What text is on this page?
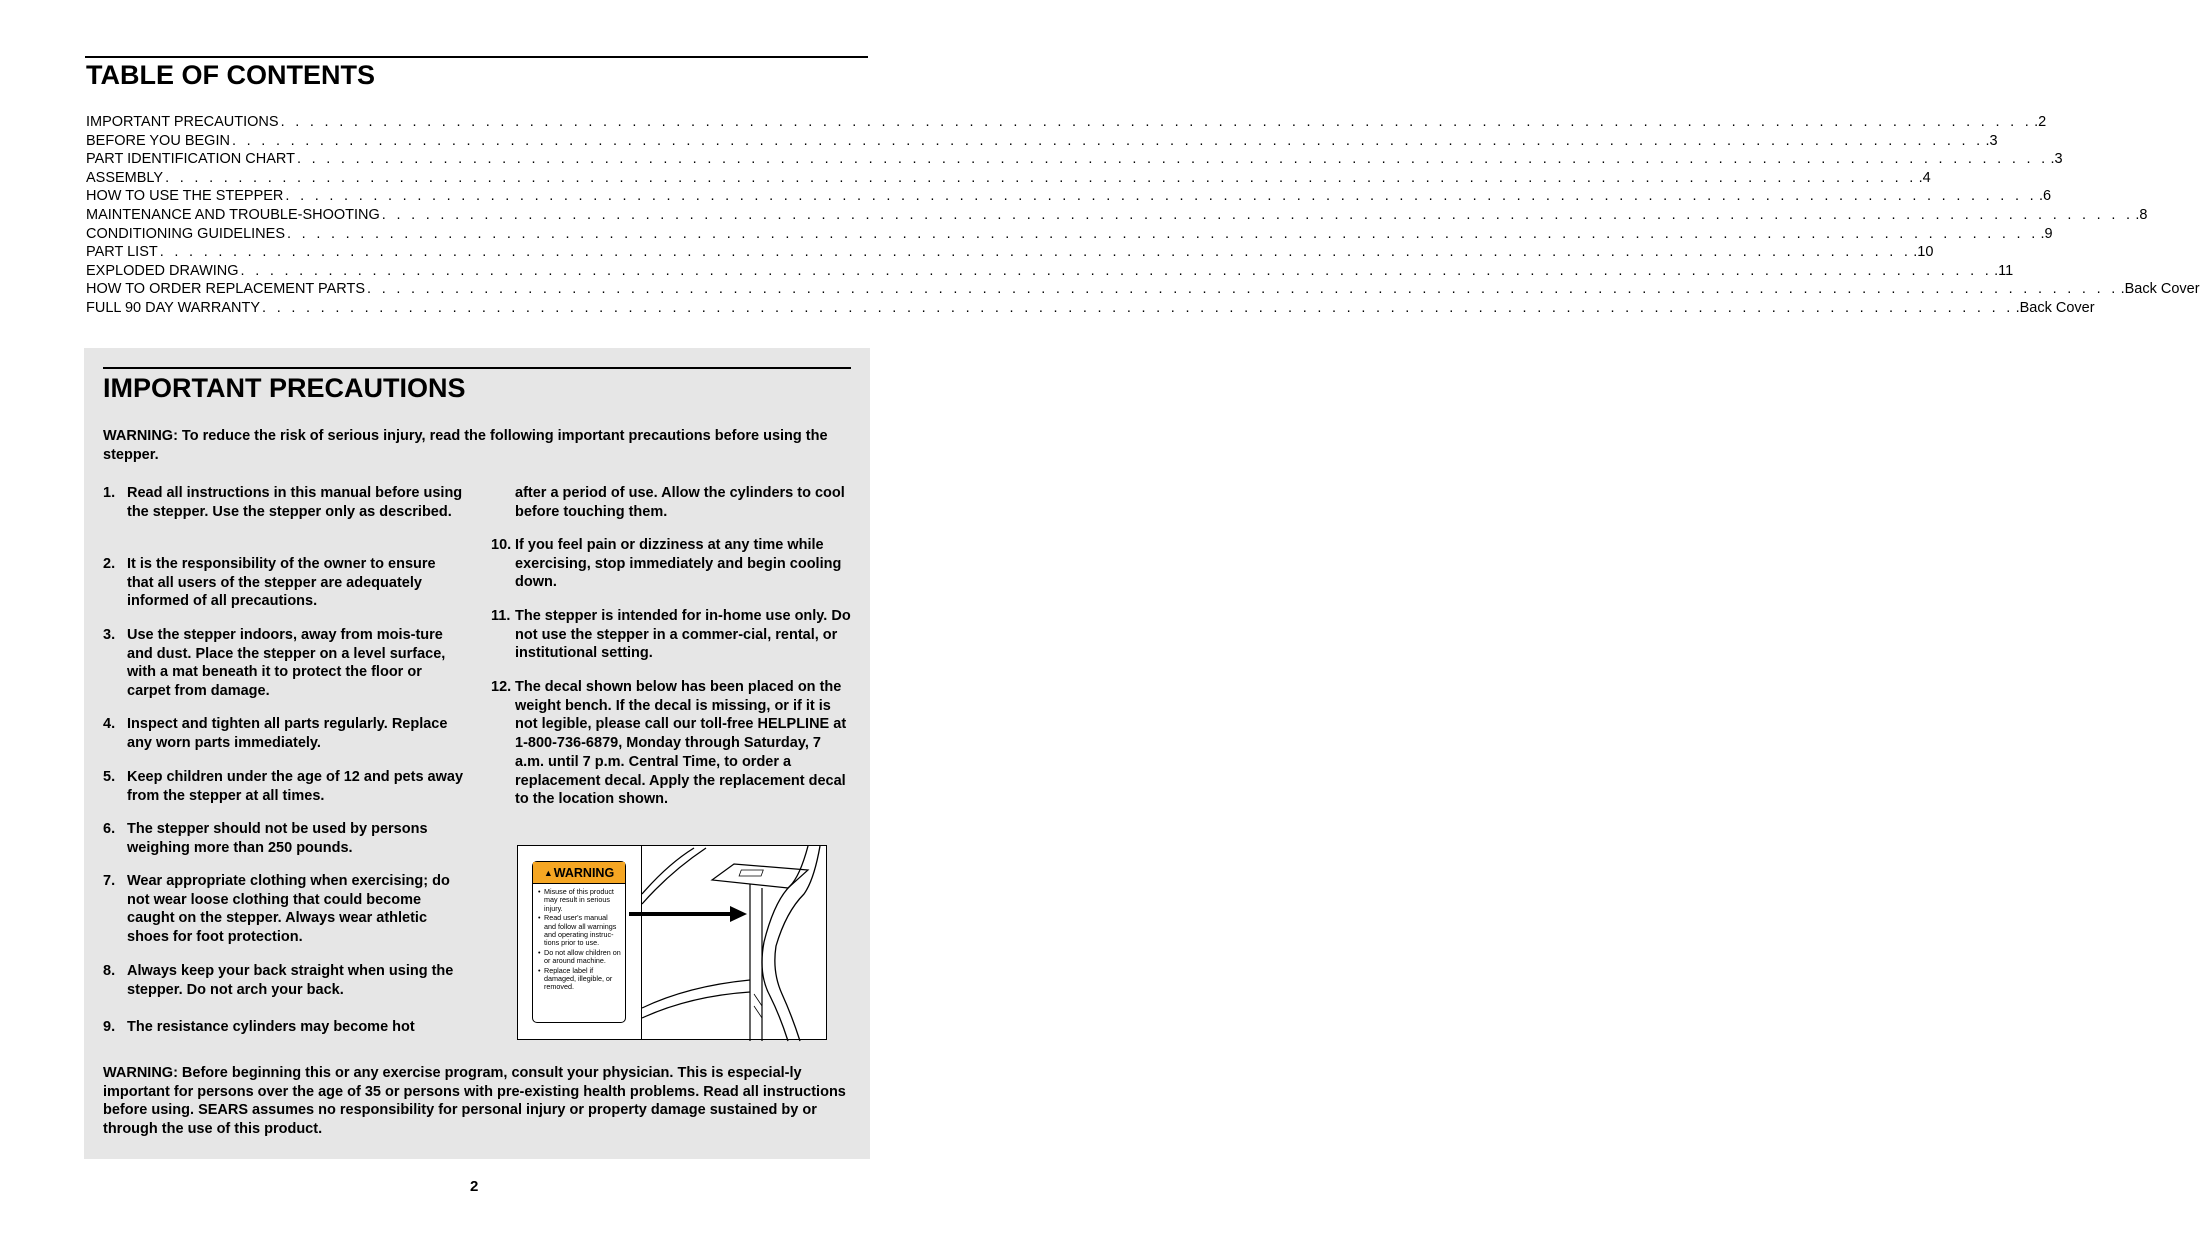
TABLE OF CONTENTS
IMPORTANT PRECAUTIONS . . . . . . . . . . . . . . . . . . . . . . . . . . . . . . . . . . . . . . . . . . . . . . . . . . . . . . . . . . . . . . . . . . . . . . . . . . . . . . . . . . . . . . . . . . . . . . . . . . . . . . . . . . . . . . . . . . . . . . . . .2
BEFORE YOU BEGIN . . . . . . . . . . . . . . . . . . . . . . . . . . . . . . . . . . . . . . . . . . . . . . . . . . . . . . . . . . . . . . . . . . . . . . . . . . . . . . . . . . . . . . . . . . . . . . . . . . . . . . . . . . . . . . . . . . . . . . . . .3
PART IDENTIFICATION CHART . . . . . . . . . . . . . . . . . . . . . . . . . . . . . . . . . . . . . . . . . . . . . . . . . . . . . . . . . . . . . . . . . . . . . . . . . . . . . . . . . . . . . . . . . . . . . . . . . . . . . . . . . . . . . . . . . . . . . . . . .3
ASSEMBLY . . . . . . . . . . . . . . . . . . . . . . . . . . . . . . . . . . . . . . . . . . . . . . . . . . . . . . . . . . . . . . . . . . . . . . . . . . . . . . . . . . . . . . . . . . . . . . . . . . . . . . . . . . . . . . . . . . . . . . . . .4
HOW TO USE THE STEPPER . . . . . . . . . . . . . . . . . . . . . . . . . . . . . . . . . . . . . . . . . . . . . . . . . . . . . . . . . . . . . . . . . . . . . . . . . . . . . . . . . . . . . . . . . . . . . . . . . . . . . . . . . . . . . . . . . . . . . . . . .6
MAINTENANCE AND TROUBLE-SHOOTING . . . . . . . . . . . . . . . . . . . . . . . . . . . . . . . . . . . . . . . . . . . . . . . . . . . . . . . . . . . . . . . . . . . . . . . . . . . . . . . . . . . . . . . . . . . . . . . . . . . . . . . . . . . . . . . . . . . . . . . . .8
CONDITIONING GUIDELINES . . . . . . . . . . . . . . . . . . . . . . . . . . . . . . . . . . . . . . . . . . . . . . . . . . . . . . . . . . . . . . . . . . . . . . . . . . . . . . . . . . . . . . . . . . . . . . . . . . . . . . . . . . . . . . . . . . . . . . . . .9
PART LIST . . . . . . . . . . . . . . . . . . . . . . . . . . . . . . . . . . . . . . . . . . . . . . . . . . . . . . . . . . . . . . . . . . . . . . . . . . . . . . . . . . . . . . . . . . . . . . . . . . . . . . . . . . . . . . . . . . . . . . . . .10
EXPLODED DRAWING . . . . . . . . . . . . . . . . . . . . . . . . . . . . . . . . . . . . . . . . . . . . . . . . . . . . . . . . . . . . . . . . . . . . . . . . . . . . . . . . . . . . . . . . . . . . . . . . . . . . . . . . . . . . . . . . . . . . . . . . .11
HOW TO ORDER REPLACEMENT PARTS . . . . . . . . . . . . . . . . . . . . . . . . . . . . . . . . . . . . . . . . . . . . . . . . . . . . . . . . . . . . . . . . . . . . . . . . . . . . . . . . . . . . . . . . . . . . . . . . . . . . . . . . . . . . . . . . . . . . . . . . .Back Cover
FULL 90 DAY WARRANTY . . . . . . . . . . . . . . . . . . . . . . . . . . . . . . . . . . . . . . . . . . . . . . . . . . . . . . . . . . . . . . . . . . . . . . . . . . . . . . . . . . . . . . . . . . . . . . . . . . . . . . . . . . . . . . . . . . . . . . . . .Back Cover
IMPORTANT PRECAUTIONS

WARNING: To reduce the risk of serious injury, read the following important precautions before using the stepper.

1. Read all instructions in this manual before using the stepper. Use the stepper only as described.
2. It is the responsibility of the owner to ensure that all users of the stepper are adequately informed of all precautions.
3. Use the stepper indoors, away from mois-ture and dust. Place the stepper on a level surface, with a mat beneath it to protect the floor or carpet from damage.
4. Inspect and tighten all parts regularly. Replace any worn parts immediately.
5. Keep children under the age of 12 and pets away from the stepper at all times.
6. The stepper should not be used by persons weighing more than 250 pounds.
7. Wear appropriate clothing when exercising; do not wear loose clothing that could become caught on the stepper. Always wear athletic shoes for foot protection.
8. Always keep your back straight when using the stepper. Do not arch your back.
9. The resistance cylinders may become hot
after a period of use. Allow the cylinders to cool before touching them.
10. If you feel pain or dizziness at any time while exercising, stop immediately and begin cooling down.
11. The stepper is intended for in-home use only. Do not use the stepper in a commer-cial, rental, or institutional setting.
12. The decal shown below has been placed on the weight bench. If the decal is missing, or if it is not legible, please call our toll-free HELPLINE at 1-800-736-6879, Monday through Saturday, 7 a.m. until 7 p.m. Central Time, to order a replacement decal. Apply the replacement decal to the location shown.
▲ WARNING
• Misuse of this product may result in serious injury.
• Read user's manual and follow all warnings and operating instruc-tions prior to use.
• Do not allow children on or around machine.
• Replace label if damaged, illegible, or removed.

WARNING: Before beginning this or any exercise program, consult your physician. This is especial-ly important for persons over the age of 35 or persons with pre-existing health problems. Read all instructions before using. SEARS assumes no responsibility for personal injury or property damage sustained by or through the use of this product.

2
